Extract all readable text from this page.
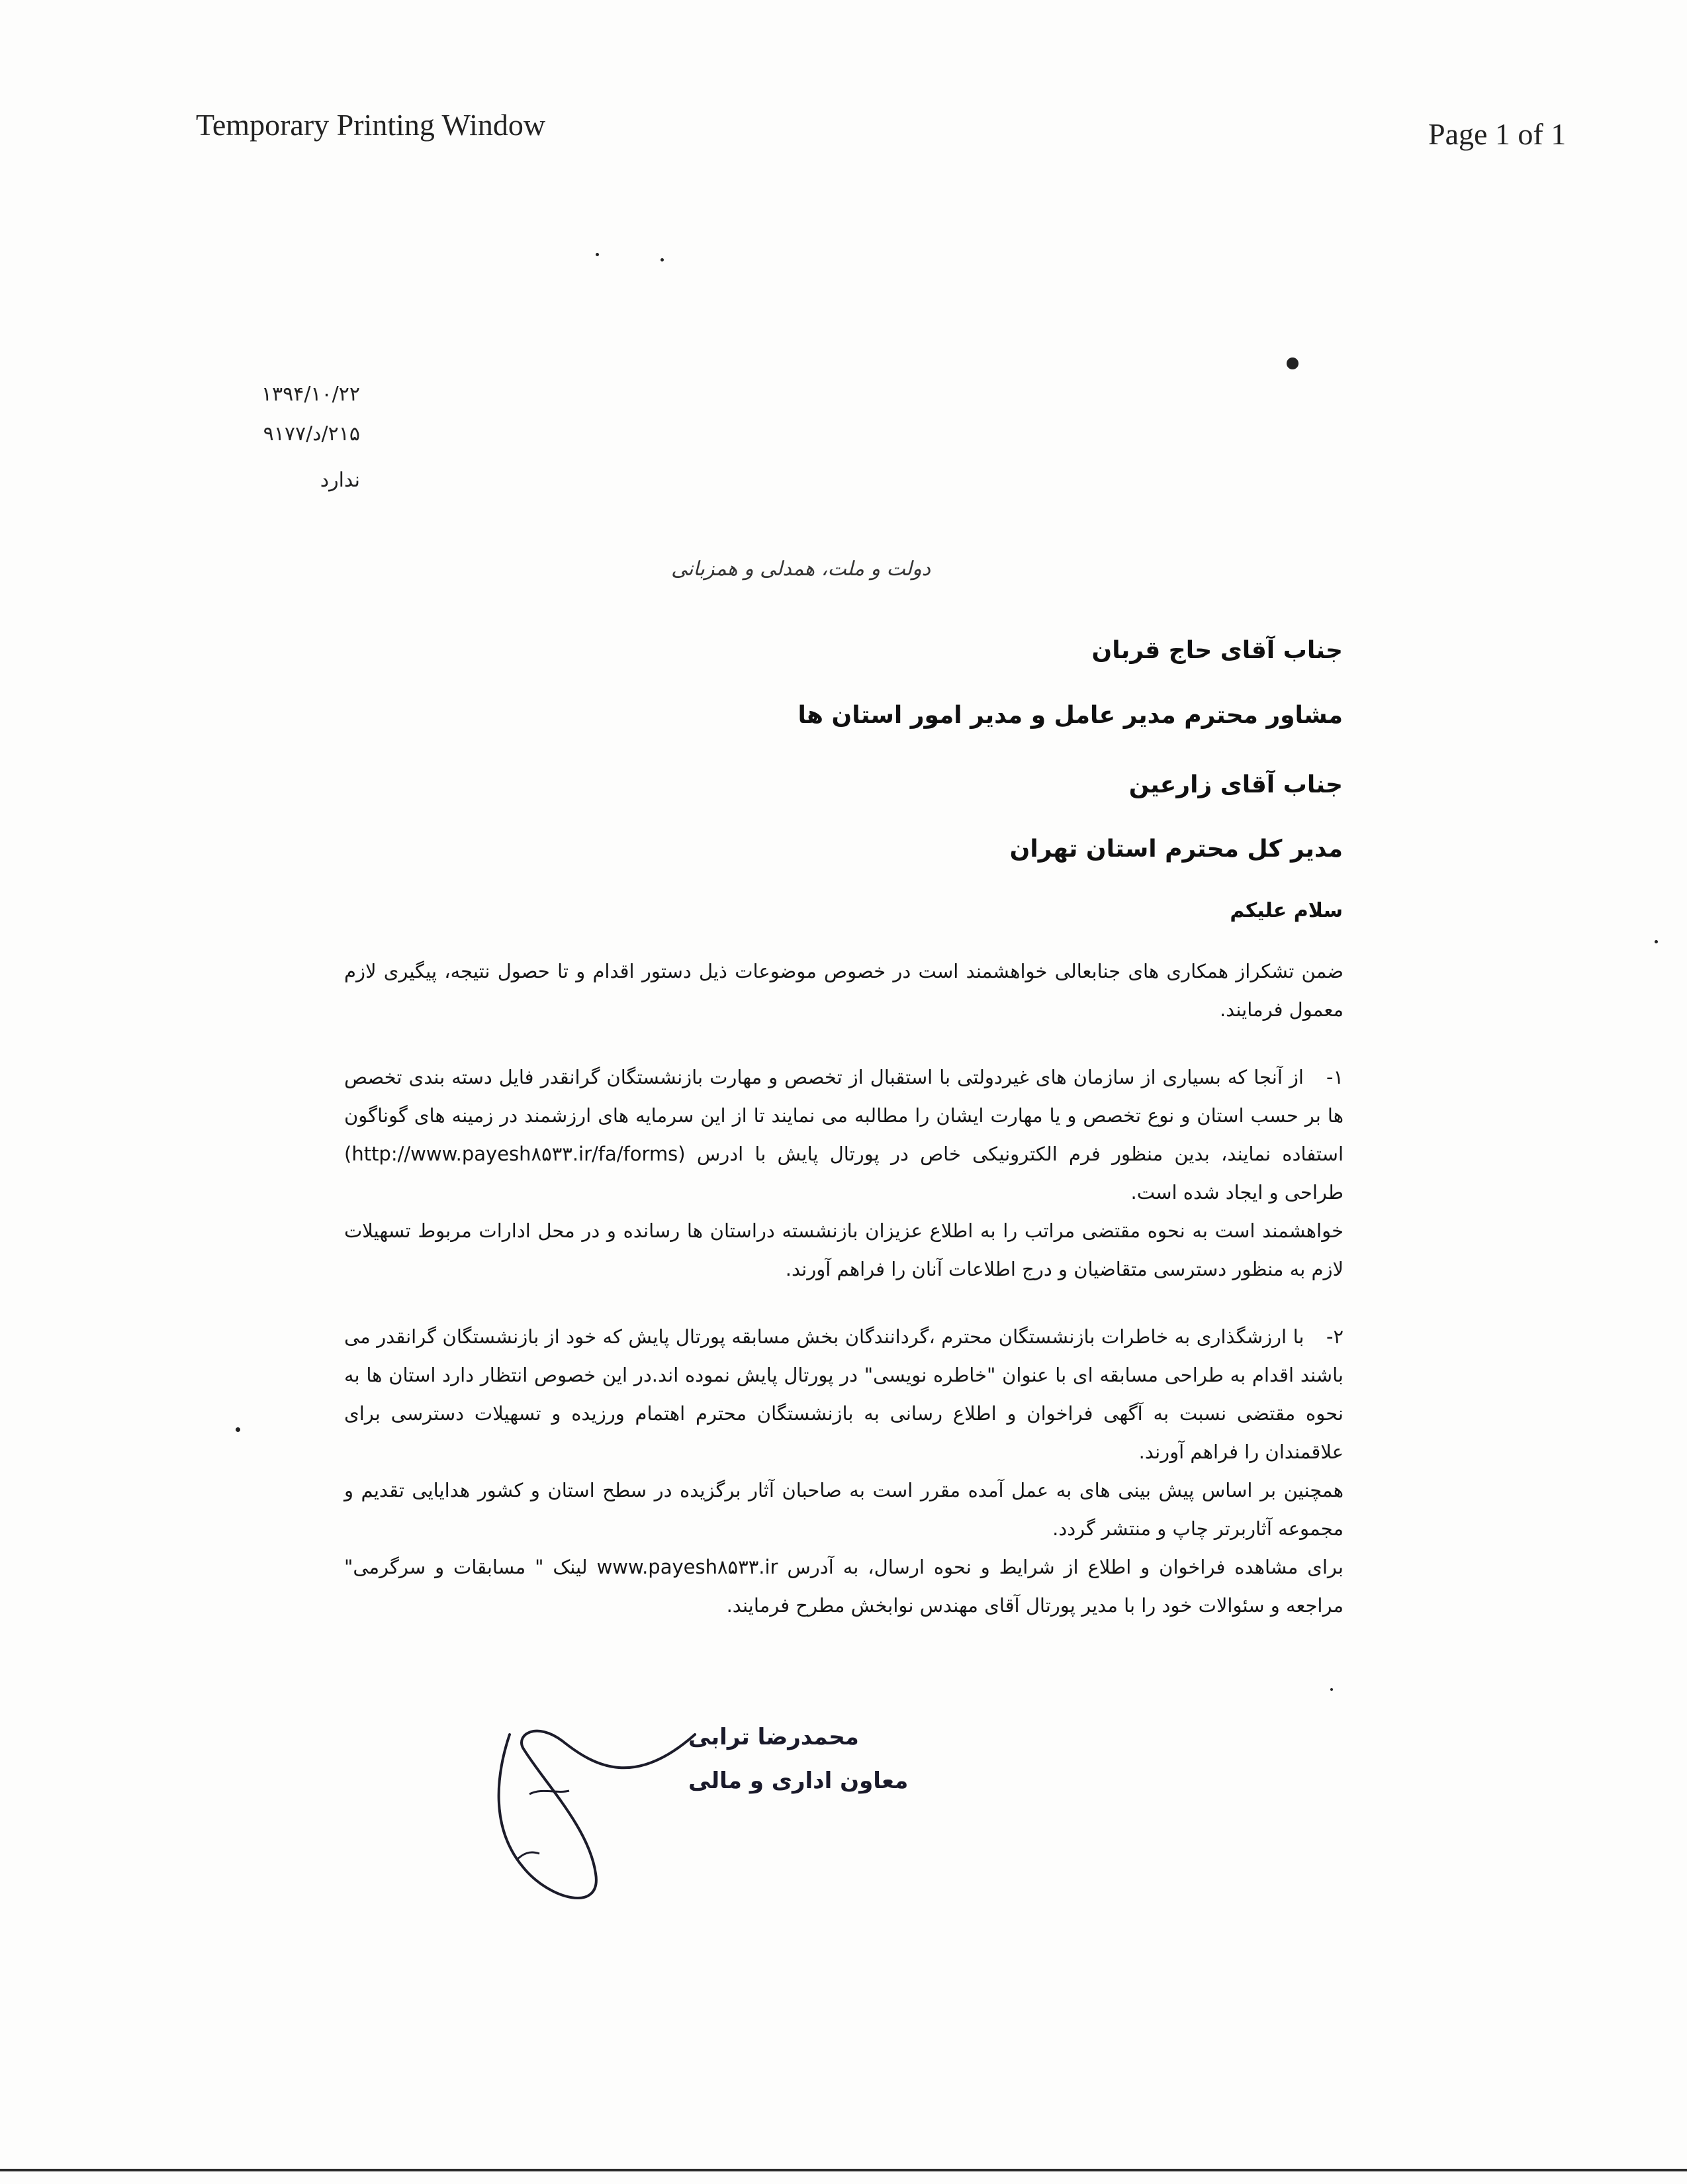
Temporary Printing Window	Page 1 of 1
۱۳۹۴/۱۰/۲۲
۲۱۵/د/۹۱۷۷
ندارد
دولت و ملت، همدلی و همزبانی
جناب آقای حاج قربان
مشاور محترم مدیر عامل و مدیر امور استان ها
جناب آقای زارعین
مدیر کل محترم استان تهران
سلام علیکم

ضمن تشکراز همکاری های جنابعالی خواهشمند است در خصوص موضوعات ذیل دستور اقدام و تا حصول نتیجه، پیگیری لازم معمول فرمایند.

۱- از آنجا که بسیاری از سازمان های غیردولتی با استقبال از تخصص و مهارت بازنشستگان گرانقدر فایل دسته بندی تخصص ها بر حسب استان و نوع تخصص و یا مهارت ایشان را مطالبه می نمایند تا از این سرمایه های ارزشمند در زمینه های گوناگون استفاده نمایند، بدین منظور فرم الکترونیکی خاص در پورتال پایش با ادرس (http://www.payesh۸۵۳۳.ir/fa/forms) طراحی و ایجاد شده است.

خواهشمند است به نحوه مقتضی مراتب را به اطلاع عزیزان بازنشسته دراستان ها رسانده و در محل ادارات مربوط تسهیلات لازم به منظور دسترسی متقاضیان و درج اطلاعات آنان را فراهم آورند.

۲- با ارزشگذاری به خاطرات بازنشستگان محترم ،گردانندگان بخش مسابقه پورتال پایش که خود از بازنشستگان گرانقدر می باشند اقدام به طراحی مسابقه ای با عنوان "خاطره نویسی" در پورتال پایش نموده اند.در این خصوص انتظار دارد استان ها به نحوه مقتضی نسبت به آگهی فراخوان و اطلاع رسانی به بازنشستگان محترم اهتمام ورزیده و تسهیلات دسترسی برای علاقمندان را فراهم آورند.

همچنین بر اساس پیش بینی های به عمل آمده مقرر است به صاحبان آثار برگزیده در سطح استان و کشور هدایایی تقدیم و مجموعه آثاربرتر چاپ و منتشر گردد.

برای مشاهده فراخوان و اطلاع از شرایط و نحوه ارسال، به آدرس www.payesh۸۵۳۳.ir لینک " مسابقات و سرگرمی" مراجعه و سئوالات خود را با مدیر پورتال آقای مهندس نوابخش مطرح فرمایند.

محمدرضا ترابی
معاون اداری و مالی
